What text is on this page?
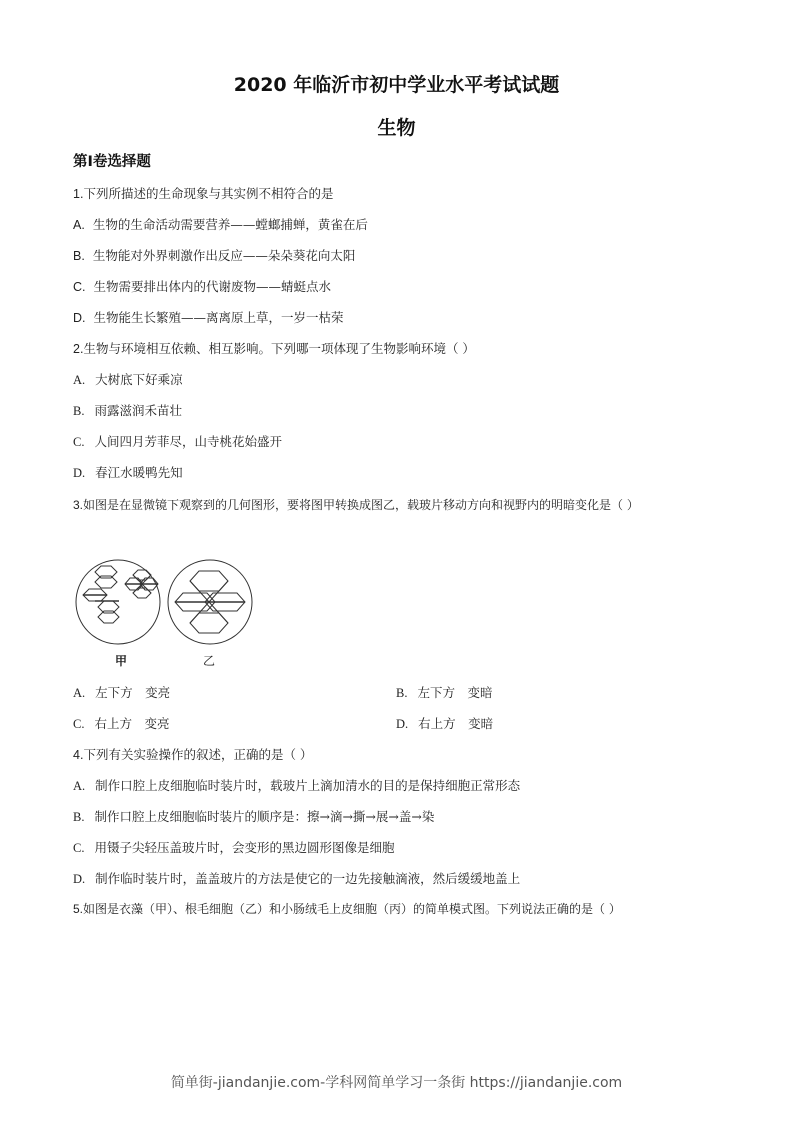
2020 年临沂市初中学业水平考试试题
生物
第Ⅰ卷选择题
1.下列所描述的生命现象与其实例不相符合的是
A. 生物的生命活动需要营养——螳螂捕蝉，黄雀在后
B. 生物能对外界刺激作出反应——朵朵葵花向太阳
C. 生物需要排出体内的代谢废物——蜻蜓点水
D. 生物能生长繁殖——离离原上草，一岁一枯荣
2.生物与环境相互依赖、相互影响。下列哪一项体现了生物影响环境（ ）
A. 大树底下好乘凉
B. 雨露滋润禾苗壮
C. 人间四月芳菲尽，山寺桃花始盛开
D. 春江水暖鸭先知
3.如图是在显微镜下观察到的几何图形，要将图甲转换成图乙，载玻片移动方向和视野内的明暗变化是（ ）
甲	乙
A. 左下方　变亮	B. 左下方　变暗
C. 右上方　变亮	D. 右上方　变暗
4.下列有关实验操作的叙述，正确的是（ ）
A. 制作口腔上皮细胞临时装片时，载玻片上滴加清水的目的是保持细胞正常形态
B. 制作口腔上皮细胞临时装片的顺序是：擦→滴→撕→展→盖→染
C. 用镊子尖轻压盖玻片时，会变形的黑边圆形图像是细胞
D. 制作临时装片时，盖盖玻片的方法是使它的一边先接触滴液，然后缓缓地盖上
5.如图是衣藻（甲）、根毛细胞（乙）和小肠绒毛上皮细胞（丙）的简单模式图。下列说法正确的是（ ）
简单街-jiandanjie.com-学科网简单学习一条街 https://jiandanjie.com
